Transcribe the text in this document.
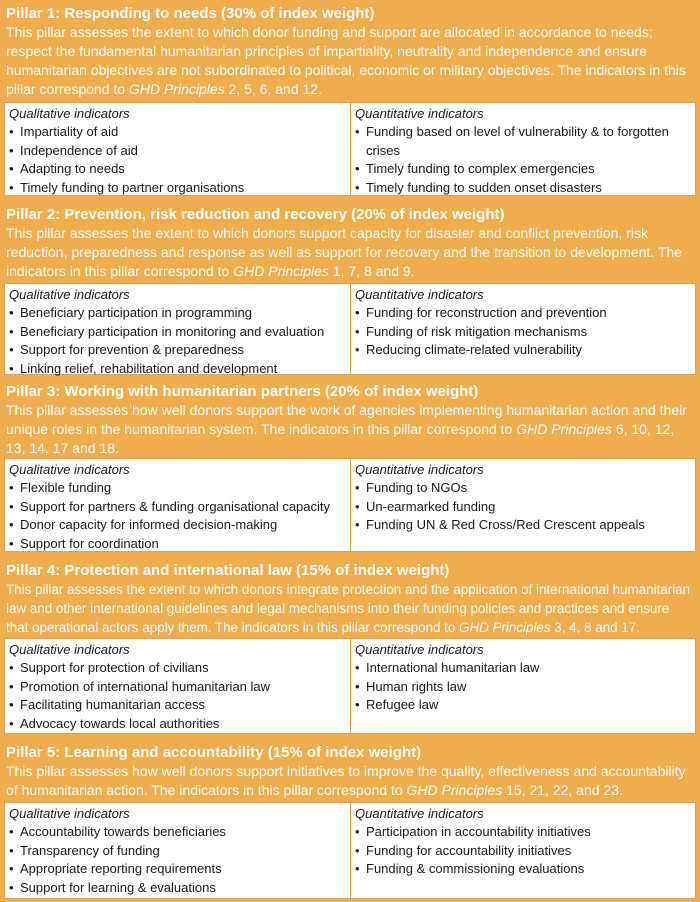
Pillar 1: Responding to needs (30% of index weight)

This pillar assesses the extent to which donor funding and support are allocated in accordance to needs; respect the fundamental humanitarian principles of impartiality, neutrality and independence and ensure humanitarian objectives are not subordinated to political, economic or military objectives. The indicators in this pillar correspond to GHD Principles 2, 5, 6, and 12.

Qualitative indicators

• Impartiality of aid
• Independence of aid
• Adapting to needs
• Timely funding to partner organisations

Quantitative indicators

• Funding based on level of vulnerability & to forgotten crises
• Timely funding to complex emergencies
• Timely funding to sudden onset disasters

Pillar 2: Prevention, risk reduction and recovery (20% of index weight)

This pillar assesses the extent to which donors support capacity for disaster and conflict prevention, risk reduction, preparedness and response as well as support for recovery and the transition to development. The indicators in this pillar correspond to GHD Principles 1, 7, 8 and 9.

Qualitative indicators

• Beneficiary participation in programming
• Beneficiary participation in monitoring and evaluation
• Support for prevention & preparedness
• Linking relief, rehabilitation and development

Quantitative indicators

• Funding for reconstruction and prevention
• Funding of risk mitigation mechanisms
• Reducing climate-related vulnerability

Pillar 3: Working with humanitarian partners (20% of index weight)

This pillar assesses how well donors support the work of agencies implementing humanitarian action and their unique roles in the humanitarian system. The indicators in this pillar correspond to GHD Principles 6, 10, 12, 13, 14, 17 and 18.

Qualitative indicators

• Flexible funding
• Support for partners & funding organisational capacity
• Donor capacity for informed decision-making
• Support for coordination

Quantitative indicators

• Funding to NGOs
• Un-earmarked funding
• Funding UN & Red Cross/Red Crescent appeals

Pillar 4: Protection and international law (15% of index weight)

This pillar assesses the extent to which donors integrate protection and the application of international humanitarian law and other international guidelines and legal mechanisms into their funding policies and practices and ensure that operational actors apply them. The indicators in this pillar correspond to GHD Principles 3, 4, 8 and 17.

Qualitative indicators

• Support for protection of civilians
• Promotion of international humanitarian law
• Facilitating humanitarian access
• Advocacy towards local authorities

Quantitative indicators

• International humanitarian law
• Human rights law
• Refugee law

Pillar 5: Learning and accountability (15% of index weight)

This pillar assesses how well donors support initiatives to improve the quality, effectiveness and accountability of humanitarian action. The indicators in this pillar correspond to GHD Principles 15, 21, 22, and 23.

Qualitative indicators

• Accountability towards beneficiaries
• Transparency of funding
• Appropriate reporting requirements
• Support for learning & evaluations

Quantitative indicators

• Participation in accountability initiatives
• Funding for accountability initiatives
• Funding & commissioning evaluations
